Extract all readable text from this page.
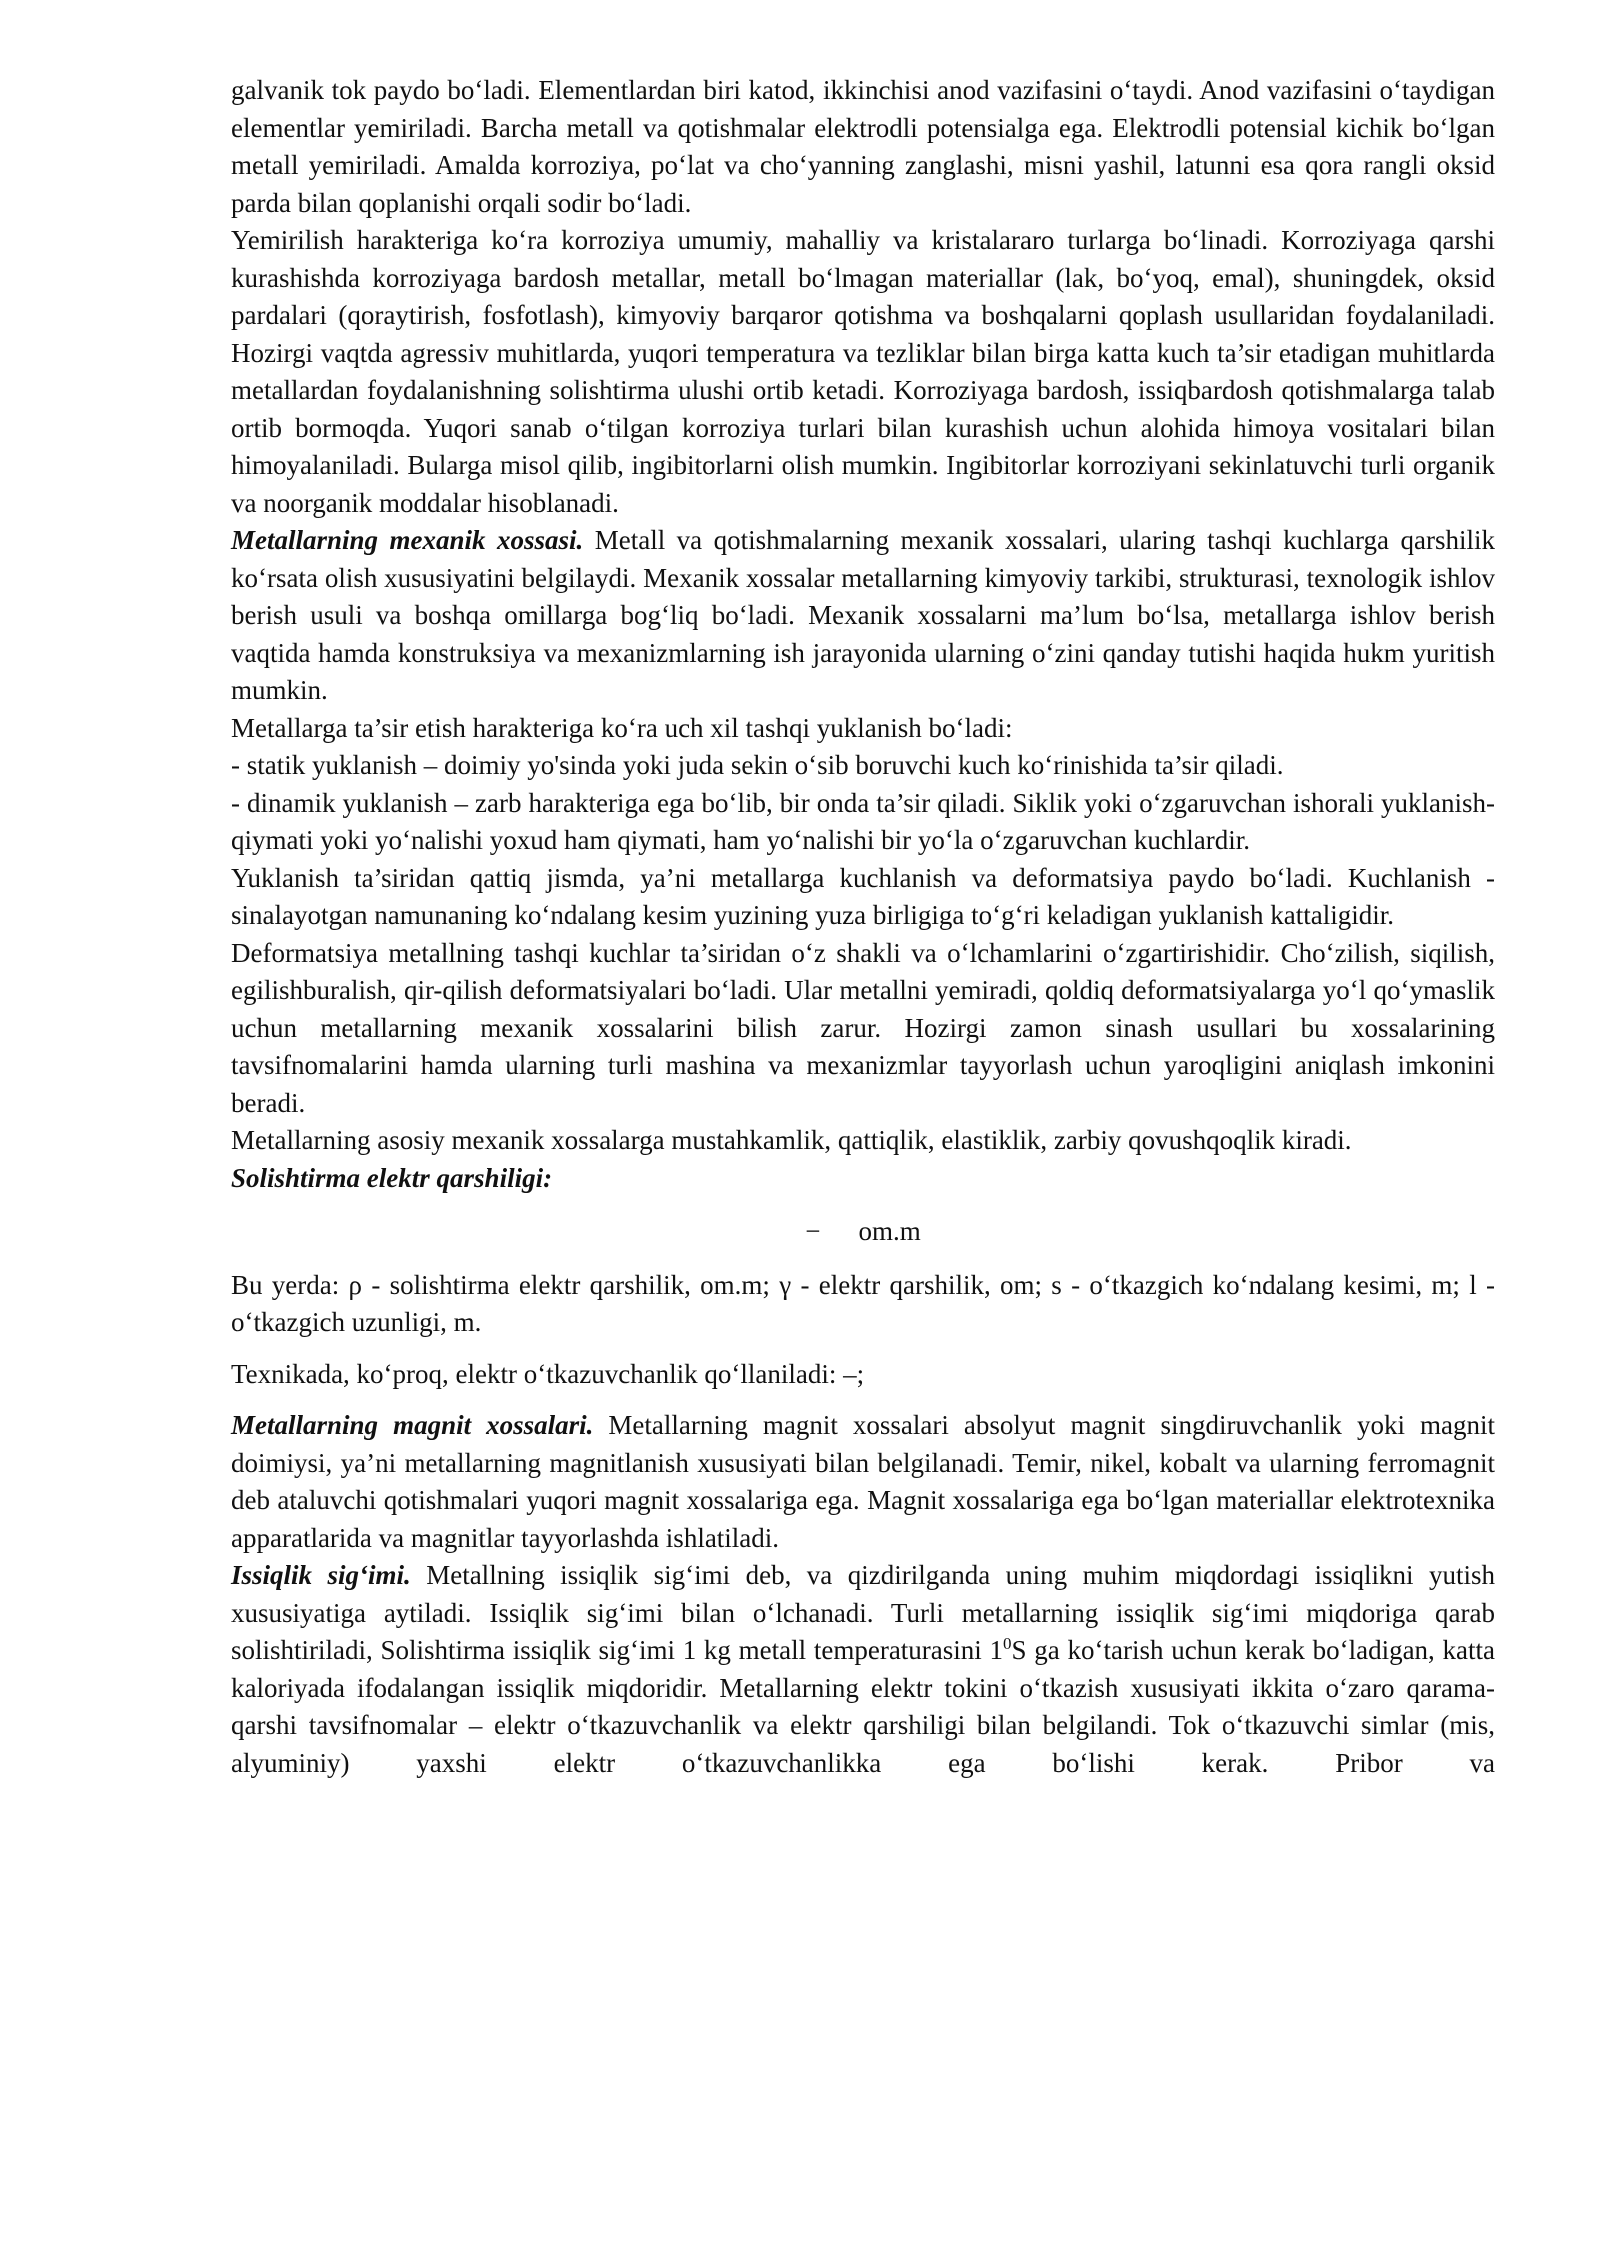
galvanik tok paydo bo‘ladi. Elementlardan biri katod, ikkinchisi anod vazifasini o‘taydi. Anod vazifasini o‘taydigan elementlar yemiriladi. Barcha metall va qotishmalar elektrodli potensialga ega. Elektrodli potensial kichik bo‘lgan metall yemiriladi. Amalda korroziya, po‘lat va cho‘yanning zanglashi, misni yashil, latunni esa qora rangli oksid parda bilan qoplanishi orqali sodir bo‘ladi.

Yemirilish harakteriga ko‘ra korroziya umumiy, mahalliy va kristalararo turlarga bo‘linadi. Korroziyaga qarshi kurashishda korroziyaga bardosh metallar, metall bo‘lmagan materiallar (lak, bo‘yoq, emal), shuningdek, oksid pardalari (qoraytirish, fosfotlash), kimyoviy barqaror qotishma va boshqalarni qoplash usullaridan foydalaniladi. Hozirgi vaqtda agressiv muhitlarda, yuqori temperatura va tezliklar bilan birga katta kuch ta’sir etadigan muhitlarda metallardan foydalanishning solishtirma ulushi ortib ketadi. Korroziyaga bardosh, issiqbardosh qotishmalarga talab ortib bormoqda. Yuqori sanab o‘tilgan korroziya turlari bilan kurashish uchun alohida himoya vositalari bilan himoyalaniladi. Bulargа misol qilib, ingibitorlarni olish mumkin. Ingibitorlar korroziyani sekinlatuvchi turli organik va noorganik moddalar hisoblanadi.

Metallarning mexanik xossasi. Metall va qotishmalarning mexanik xossalari, ularing tashqi kuchlarga qarshilik ko‘rsata olish xususiyatini belgilaydi. Mexanik xossalar metallarning kimyoviy tarkibi, strukturasi, texnologik ishlov berish usuli va boshqa omillarga bog‘liq bo‘ladi. Mexanik xossalarni ma’lum bo‘lsa, metallarga ishlov berish vaqtida hamda konstruksiya va mexanizmlarning ish jarayonida ularning o‘zini qanday tutishi haqida hukm yuritish mumkin.

Metallarga ta’sir etish harakteriga ko‘ra uch xil tashqi yuklanish bo‘ladi:

- statik yuklanish – doimiy yo'sinda yoki juda sekin o‘sib boruvchi kuch ko‘rinishida ta’sir qiladi.

- dinamik yuklanish – zarb harakteriga ega bo‘lib, bir onda ta’sir qiladi. Siklik yoki o‘zgaruvchan ishorali yuklanish-qiymati yoki yo‘nalishi yoxud ham qiymati, ham yo‘nalishi bir yo‘la o‘zgaruvchan kuchlardir.

Yuklanish ta’siridan qattiq jismda, ya’ni metallarga kuchlanish va deformatsiya paydo bo‘ladi. Kuchlanish - sinalayotgan namunaning ko‘ndalang kesim yuzining yuza birligiga to‘g‘ri keladigan yuklanish kattaligidir.

Deformatsiya metallning tashqi kuchlar ta’siridan o‘z shakli va o‘lchamlarini o‘zgartirishidir. Cho‘zilish, siqilish, egilishburalish, qir-qilish deformatsiyalari bo‘ladi. Ular metallni yemiradi, qoldiq deformatsiyalarga yo‘l qo‘ymaslik uchun metallarning mexanik xossalarini bilish zarur. Hozirgi zamon sinash usullari bu xossalarining tavsifnomalarini hamda ularning turli mashina va mexanizmlar tayyorlash uchun yaroqligini aniqlash imkonini beradi.

Metallarning asosiy mexanik xossalarga mustahkamlik, qattiqlik, elastiklik, zarbiy qovushqoqlik kiradi.

Solishtirma elektr qarshiligi:

− om.m

Bu yerda: ρ - solishtirma elektr qarshilik, om.m; γ - elektr qarshilik, om; s - o‘tkazgich ko‘ndalang kesimi, m; l - o‘tkazgich uzunligi, m.

Texnikada, ko‘proq, elektr o‘tkazuvchanlik qo‘llaniladi: ‒;

Metallarning magnit xossalari. Metallarning magnit xossalari absolyut magnit singdiruvchanlik yoki magnit doimiysi, ya’ni metallarning magnitlanish xususiyati bilan belgilanadi. Temir, nikel, kobalt va ularning ferromagnit deb ataluvchi qotishmalari yuqori magnit xossalariga ega. Magnit xossalariga ega bo‘lgan materiallar elektrotexnika apparatlarida va magnitlar tayyorlashda ishlatiladi.

Issiqlik sig‘imi. Metallning issiqlik sig‘imi deb, va qizdirilganda uning muhim miqdordagi issiqlikni yutish xususiyatiga aytiladi. Issiqlik sig‘imi bilan o‘lchanadi. Turli metallarning issiqlik sig‘imi miqdoriga qarab solishtiriladi, Solishtirma issiqlik sig‘imi 1 kg metall temperaturasini $1^0S$ ga ko‘tarish uchun kerak bo‘ladigan, katta kaloriyada ifodalangan issiqlik miqdoridir. Metallarning elektr tokini o‘tkazish xususiyati ikkita o‘zaro qarama-qarshi tavsifnomalar – elektr o‘tkazuvchanlik va elektr qarshiligi bilan belgilandi. Tok o‘tkazuvchi simlar (mis, alyuminiy) yaxshi elektr o‘tkazuvchanlikka ega bo‘lishi kerak. Pribor va
